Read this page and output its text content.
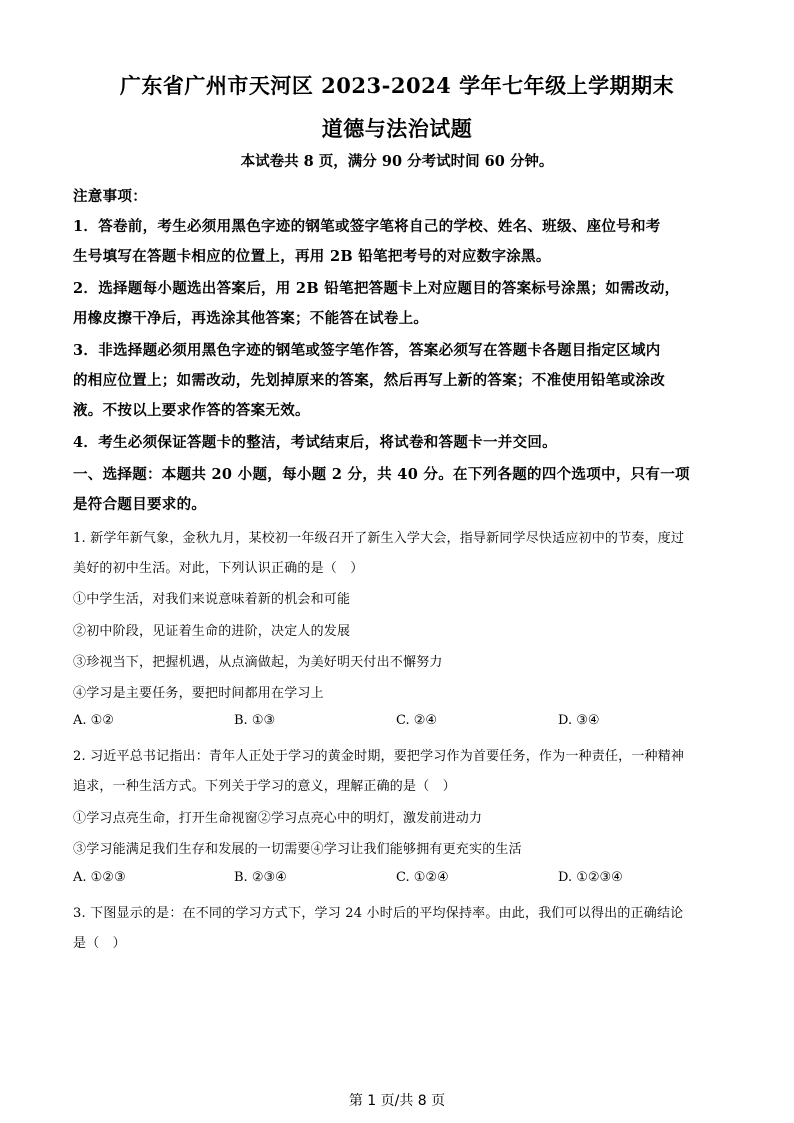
广东省广州市天河区 2023-2024 学年七年级上学期期末
道德与法治试题
本试卷共 8 页，满分 90 分考试时间 60 分钟。
注意事项：
1．答卷前，考生必须用黑色字迹的钢笔或签字笔将自己的学校、姓名、班级、座位号和考
生号填写在答题卡相应的位置上，再用 2B 铅笔把考号的对应数字涂黑。
2．选择题每小题选出答案后，用 2B 铅笔把答题卡上对应题目的答案标号涂黑；如需改动，
用橡皮擦干净后，再选涂其他答案；不能答在试卷上。
3．非选择题必须用黑色字迹的钢笔或签字笔作答，答案必须写在答题卡各题目指定区域内
的相应位置上；如需改动，先划掉原来的答案，然后再写上新的答案；不准使用铅笔或涂改
液。不按以上要求作答的答案无效。
4．考生必须保证答题卡的整洁，考试结束后，将试卷和答题卡一并交回。
一、选择题：本题共 20 小题，每小题 2 分，共 40 分。在下列各题的四个选项中，只有一项
是符合题目要求的。
1. 新学年新气象，金秋九月，某校初一年级召开了新生入学大会，指导新同学尽快适应初中的节奏，度过
美好的初中生活。对此，下列认识正确的是（　）
①中学生活，对我们来说意味着新的机会和可能
②初中阶段，见证着生命的进阶，决定人的发展
③珍视当下，把握机遇，从点滴做起，为美好明天付出不懈努力
④学习是主要任务，要把时间都用在学习上
A. ①②	B. ①③	C. ②④	D. ③④
2. 习近平总书记指出：青年人正处于学习的黄金时期，要把学习作为首要任务，作为一种责任，一种精神
追求，一种生活方式。下列关于学习的意义，理解正确的是（　）
①学习点亮生命，打开生命视窗②学习点亮心中的明灯，激发前进动力
③学习能满足我们生存和发展的一切需要④学习让我们能够拥有更充实的生活
A. ①②③	B. ②③④	C. ①②④	D. ①②③④
3. 下图显示的是：在不同的学习方式下，学习 24 小时后的平均保持率。由此，我们可以得出的正确结论
是（　）
第 1 页/共 8 页
